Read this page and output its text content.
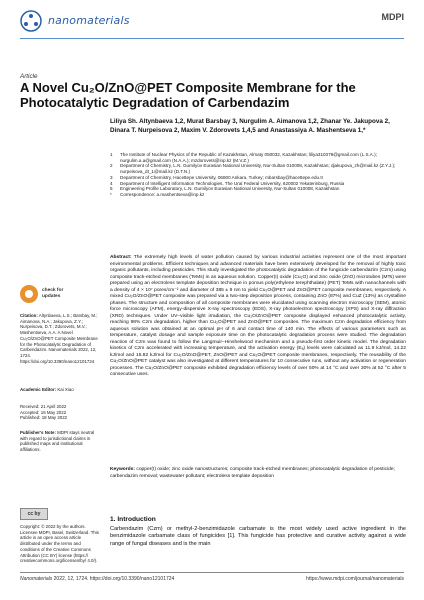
nanomaterials	MDPI
Article
A Novel Cu₂O/ZnO@PET Composite Membrane for the Photocatalytic Degradation of Carbendazim
Liliya Sh. Altynbaeva 1,2, Murat Barsbay 3, Nurgulim A. Aimanova 1,2, Zhanar Ye. Jakupova 2,
Dinara T. Nurpeisova 2, Maxim V. Zdorovets 1,4,5 and Anastassiya A. Mashentseva 1,*
1	The Institute of Nuclear Physics of the Republic of Kazakhstan, Almaty 050032, Kazakhstan; liliya310379@gmail.com (L.S.A.); nurgulim.a.a@gmail.com (N.A.A.); mzdorovets@inp.kz (M.V.Z.)
2	Department of Chemistry, L.N. Gumilyov Eurasian National University, Nur-Sultan 010008, Kazakhstan; djakupova_zh@mail.kz (Z.Y.J.); nurpeisova_dt_1@mail.kz (D.T.N.)
3	Department of Chemistry, Hacettepe University, 06800 Ankara, Turkey; mbarsbay@hacettepe.edu.tr
4	Department of Intelligent Information Technologies, The Ural Federal University, 620002 Yekaterinburg, Russia
5	Engineering Profile Laboratory, L.N. Gumilyov Eurasian National University, Nur-Sultan 010008, Kazakhstan
*	Correspondence: a.mashentseva@inp.kz
Abstract: The extremely high levels of water pollution caused by various industrial activities represent one of the most important environmental problems. Efficient techniques and advanced materials have been extensively developed for the removal of highly toxic organic pollutants, including pesticides. This study investigated the photocatalytic degradation of the fungicide carbendazim (Czm) using composite track-etched membranes (TeMs) in an aqueous solution. Copper(I) oxide (Cu₂O) and zinc oxide (ZnO) microtubes (MTs) were prepared using an electroless template deposition technique in porous poly(ethylene terephthalate) (PET) TeMs with nanochannels with a density of 4 × 10⁷ pores/cm⁻² and diameter of 385 ± 9 nm to yield Cu₂O@PET and ZnO@PET composite membranes, respectively. A mixed Cu₂O/ZnO@PET composite was prepared via a two-step deposition process, containing ZnO (87%) and CuZ (13%) as crystalline phases. The structure and composition of all composite membranes were elucidated using scanning electron microscopy (SEM), atomic force microscopy (AFM), energy-dispersive X-ray spectroscopy (EDS), X-ray photoelectron spectroscopy (XPS) and X-ray diffraction (XRD) techniques. Under UV–visible light irradiation, the Cu₂O/ZnO@PET composite displayed enhanced photocatalytic activity, reaching 98% Czm degradation, higher than Cu₂O@PET and ZnO@PET composites. The maximum Czm degradation efficiency from aqueous solution was obtained at an optimal pH of 6 and contact time of 140 min. The effects of various parameters such as temperature, catalyst dosage and sample exposure time on the photocatalytic degradation process were studied. The degradation reaction of Czm was found to follow the Langmuir–Hinshelwood mechanism and a pseudo-first order kinetic model. The degradation kinetics of Czm accelerated with increasing temperature, and the activation energy (Eₐ) levels were calculated as 11.9 kJ/mol, 14.22 kJ/mol and 15.82 kJ/mol for Cu₂O/ZnO@PET, ZnO@PET and Cu₂O@PET composite membranes, respectively. The reusability of the Cu₂O/ZnO@PET catalyst was also investigated at different temperatures for 10 consecutive runs, without any activation or regeneration processes. The Cu₂O/ZnO@PET composite exhibited degradation efficiency levels of over 50% at 14 °C and over 30% at 52 °C after 5 consecutive uses.
Keywords: copper(I) oxide; zinc oxide nanostructures; composite track-etched membranes; photocatalytic degradation of pesticide; carbendazim removal; wastewater pollutant; electroless template deposition
check for updates
Citation: Altynbaeva, L.S.; Barsbay, M.; Aimanova, N.A.; Jakupova, Z.Y.; Nurpeisova, D.T.; Zdorovets, M.V.; Mashentseva, A.A. A Novel Cu₂O/ZnO@PET Composite Membrane for the Photocatalytic Degradation of Carbendazim. Nanomaterials 2022, 12, 1724. https://doi.org/10.3390/nano12101724
Academic Editor: Kai Xiao
Received: 21 April 2022
Accepted: 16 May 2022
Published: 18 May 2022
Publisher's Note: MDPI stays neutral with regard to jurisdictional claims in published maps and institutional affiliations.
cc by
Copyright: © 2022 by the authors. Licensee MDPI, Basel, Switzerland. This article is an open access article distributed under the terms and conditions of the Creative Commons Attribution (CC BY) license (https:// creativecommons.org/licenses/by/ 4.0/).
1. Introduction
Carbendazim (Czm) or methyl-2-benzimidazole carbamate is the most widely used active ingredient in the benzimidazole carbamate class of fungicides [1]. This fungicide has protective and curative activity against a wide range of fungal diseases and is the main
Nanomaterials 2022, 12, 1724. https://doi.org/10.3390/nano12101724	https://www.mdpi.com/journal/nanomaterials
